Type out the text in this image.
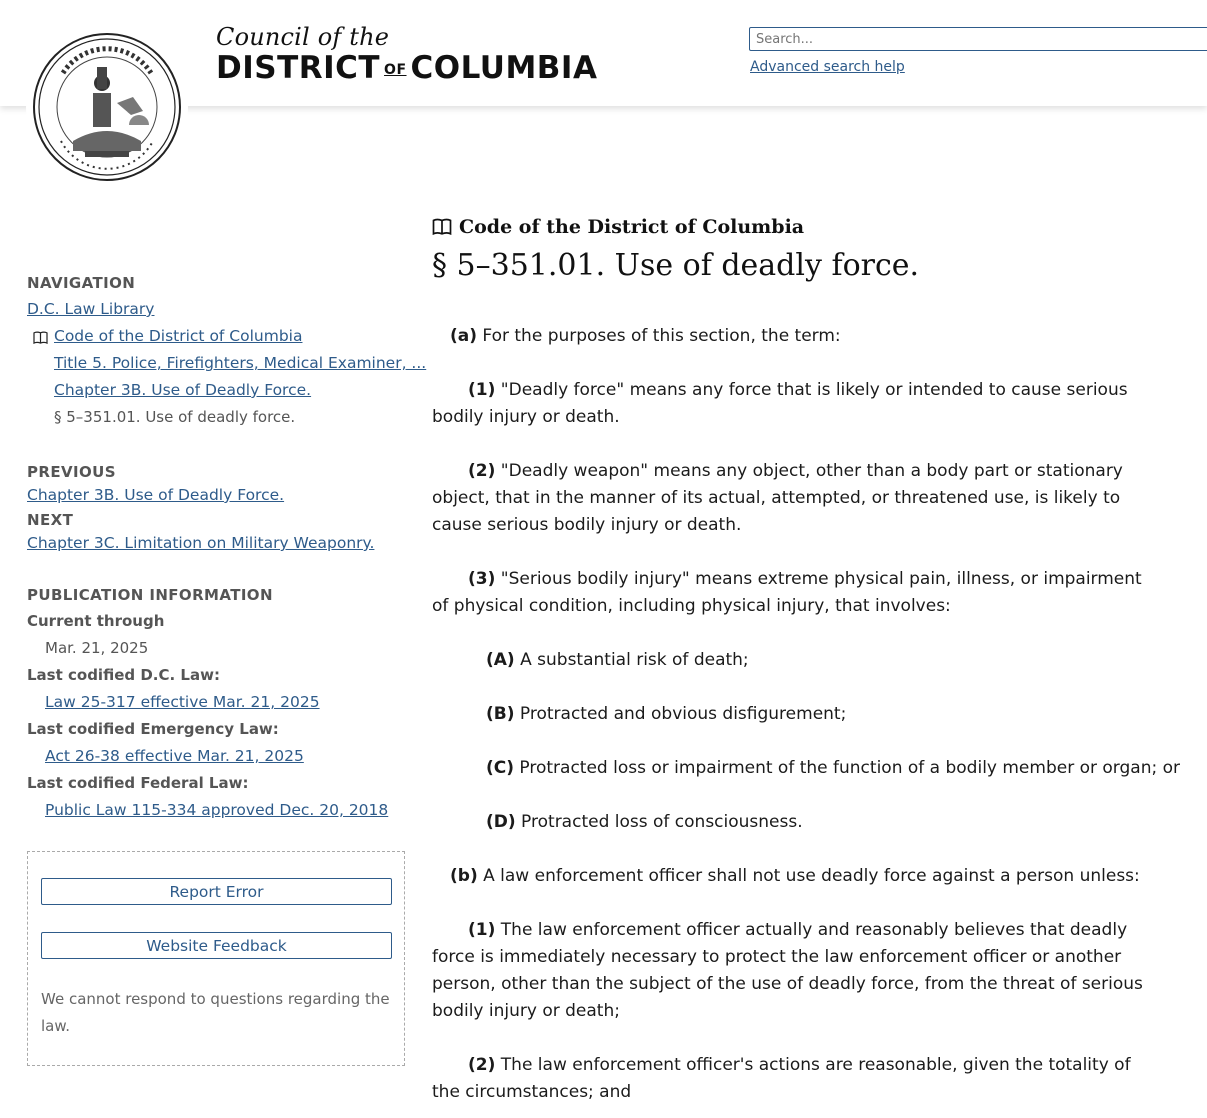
Council of the

DISTRICT OF COLUMBIA

Search...	Advanced search help

NAVIGATION

D.C. Law Library
Code of the District of Columbia
Title 5. Police, Firefighters, Medical Examiner, ...
Chapter 3B. Use of Deadly Force.
§ 5–351.01. Use of deadly force.

PREVIOUS

Chapter 3B. Use of Deadly Force.

NEXT

Chapter 3C. Limitation on Military Weaponry.

PUBLICATION INFORMATION

Current through
Mar. 21, 2025
Last codified D.C. Law:
Law 25-317 effective Mar. 21, 2025
Last codified Emergency Law:
Act 26-38 effective Mar. 21, 2025
Last codified Federal Law:
Public Law 115-334 approved Dec. 20, 2018
Report Error
Website Feedback

We cannot respond to questions regarding the law.

Code of the District of Columbia
§ 5–351.01. Use of deadly force.

(a) For the purposes of this section, the term:

(1) "Deadly force" means any force that is likely or intended to cause serious bodily injury or death.

(2) "Deadly weapon" means any object, other than a body part or stationary object, that in the manner of its actual, attempted, or threatened use, is likely to cause serious bodily injury or death.

(3) "Serious bodily injury" means extreme physical pain, illness, or impairment of physical condition, including physical injury, that involves:

(A) A substantial risk of death;

(B) Protracted and obvious disfigurement;

(C) Protracted loss or impairment of the function of a bodily member or organ; or

(D) Protracted loss of consciousness.

(b) A law enforcement officer shall not use deadly force against a person unless:

(1) The law enforcement officer actually and reasonably believes that deadly force is immediately necessary to protect the law enforcement officer or another person, other than the subject of the use of deadly force, from the threat of serious bodily injury or death;

(2) The law enforcement officer's actions are reasonable, given the totality of the circumstances; and
